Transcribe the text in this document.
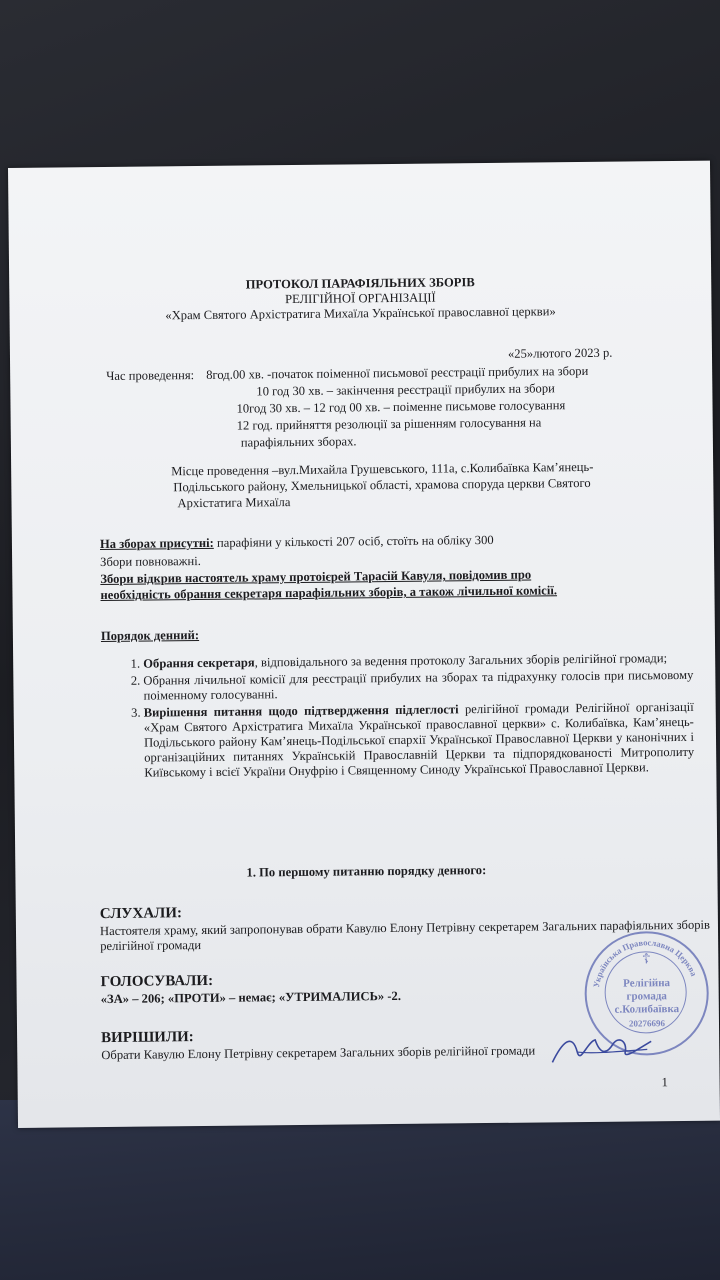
ПРОТОКОЛ ПАРАФІЯЛЬНИХ ЗБОРІВ
РЕЛІГІЙНОЇ ОРГАНІЗАЦІЇ
«Храм Святого Архістратига Михаїла Української православної церкви»
«25»лютого 2023 р.
Час проведення: 8год.00 хв. -початок поіменної письмової реєстрації прибулих на збори
10 год 30 хв. – закінчення реєстрації прибулих на збори
10год 30 хв. – 12 год 00 хв. – поіменне письмове голосування
12 год. прийняття резолюції за рішенням голосування на
парафіяльних зборах.
Місце проведення –вул.Михайла Грушевського, 111а, с.Колибаївка Кам’янець-
Подільського району, Хмельницької області, храмова споруда церкви Святого
Архістатига Михаїла
На зборах присутні: парафіяни у кількості 207 осіб, стоїть на обліку 300
Збори повноважні.
Збори відкрив настоятель храму протоієрей Тарасій Кавуля, повідомив про
необхідність обрання секретаря парафіяльних зборів, а також лічильної комісії.
Порядок денний:
1. Обрання секретаря, відповідального за ведення протоколу Загальних зборів релігійної громади;
2. Обрання лічильної комісії для реєстрації прибулих на зборах та підрахунку голосів при письмовому поіменному голосуванні.
3. Вирішення питання щодо підтвердження підлеглості релігійної громади Релігійної організації «Храм Святого Архістратига Михаїла Української православної церкви» с. Колибаївка, Кам’янець-Подільського району Кам’янець-Подільської єпархії Української Православної Церкви у канонічних і організаційних питаннях Українській Православній Церкви та підпорядкованості Митрополиту Київському і всієї України Онуфрію і Священному Синоду Української Православної Церкви.
1. По першому питанню порядку денного:
СЛУХАЛИ:
Настоятеля храму, який запропонував обрати Кавулю Елону Петрівну секретарем Загальних парафіяльних зборів релігійної громади
ГОЛОСУВАЛИ:
«ЗА» – 206; «ПРОТИ» – немає; «УТРИМАЛИСЬ» -2.
ВИРІШИЛИ:
Обрати Кавулю Елону Петрівну секретарем Загальних зборів релігійної громади
1
Українська Православна Церква
☦
Релігійна
громада
с.Колибаївка
20276696
